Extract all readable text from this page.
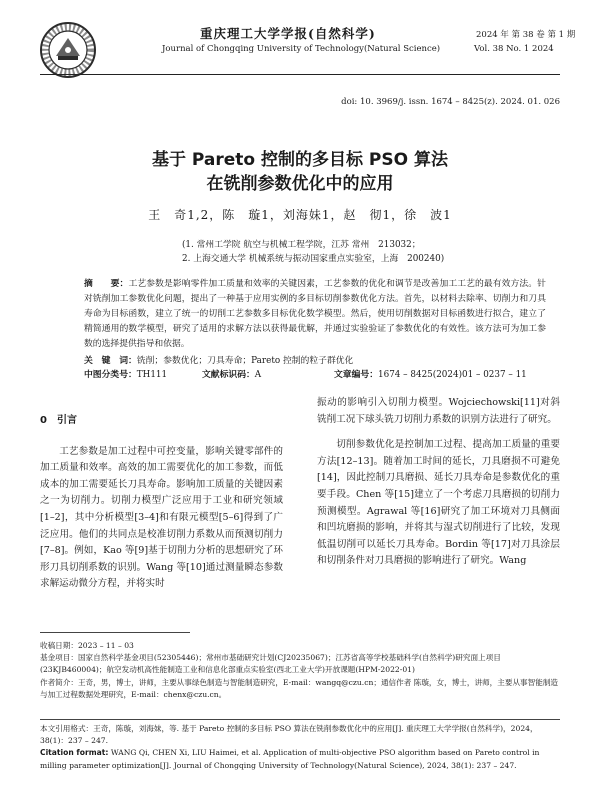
重庆理工大学学报(自然科学)
Journal of Chongqing University of Technology(Natural Science)
2024 年 第 38 卷 第 1 期
Vol. 38 No. 1 2024
doi: 10. 3969/j. issn. 1674 – 8425(z). 2024. 01. 026
基于 Pareto 控制的多目标 PSO 算法
在铣削参数优化中的应用
王　奇1,2，陈　璇1，刘海妹1，赵　彻1，徐　波1
(1. 常州工学院 航空与机械工程学院，江苏 常州　213032；
2. 上海交通大学 机械系统与振动国家重点实验室，上海　200240)
摘　　要：工艺参数是影响零件加工质量和效率的关键因素，工艺参数的优化和调节是改善加工工艺的最有效方法。针对铣削加工参数优化问题，提出了一种基于应用实例的多目标切削参数优化方法。首先，以材料去除率、切削力和刀具寿命为目标函数，建立了统一的切削工艺参数多目标优化数学模型。然后，使用切削数据对目标函数进行拟合，建立了精简通用的数学模型，研究了适用的求解方法以获得最优解，并通过实验验证了参数优化的有效性。该方法可为加工参数的选择提供指导和依据。
关　键　词：铣削；参数优化；刀具寿命；Pareto 控制的粒子群优化
中图分类号：TH111	文献标识码：A	文章编号：1674 – 8425(2024)01 – 0237 – 11
0　引言

工艺参数是加工过程中可控变量，影响关键零部件的加工质量和效率。高效的加工需要优化的加工参数，而低成本的加工需要延长刀具寿命。影响加工质量的关键因素之一为切削力。切削力模型广泛应用于工业和研究领域[1–2]，其中分析模型[3–4]和有限元模型[5–6]得到了广泛应用。他们的共同点是校准切削力系数从而预测切削力[7–8]。例如，Kao 等[9]基于切削力分析的思想研究了环形刀具切削系数的识别。Wang 等[10]通过测量瞬态参数求解运动微分方程，并将实时

振动的影响引入切削力模型。Wojciechowski[11]对斜铣削工况下球头铣刀切削力系数的识别方法进行了研究。

切削参数优化是控制加工过程、提高加工质量的重要方法[12–13]。随着加工时间的延长，刀具磨损不可避免[14]，因此控制刀具磨损、延长刀具寿命是参数优化的重要手段。Chen 等[15]建立了一个考虑刀具磨损的切削力预测模型。Agrawal 等[16]研究了加工环境对刀具侧面和凹坑磨损的影响，并将其与湿式切削进行了比较，发现低温切削可以延长刀具寿命。Bordin 等[17]对刀具涂层和切削条件对刀具磨损的影响进行了研究。Wang

收稿日期：2023 – 11 – 03
基金项目：国家自然科学基金项目(52305446)；常州市基础研究计划(CJ20235067)；江苏省高等学校基础科学(自然科学)研究面上项目(23KJB460004)；航空发动机高性能制造工业和信息化部重点实验室(西北工业大学)开放课题(HPM-2022-01)
作者简介：王奇，男，博士，讲师，主要从事绿色制造与智能制造研究，E-mail：wangq@czu.cn；通信作者 陈璇，女，博士，讲师，主要从事智能制造与加工过程数据处理研究，E-mail：chenx@czu.cn。
本文引用格式：王奇，陈璇，刘海妹，等. 基于 Pareto 控制的多目标 PSO 算法在铣削参数优化中的应用[J]. 重庆理工大学学报(自然科学)，2024，38(1)：237 – 247.
Citation format: WANG Qi, CHEN Xi, LIU Haimei, et al. Application of multi-objective PSO algorithm based on Pareto control in milling parameter optimization[J]. Journal of Chongqing University of Technology(Natural Science), 2024, 38(1): 237 – 247.
